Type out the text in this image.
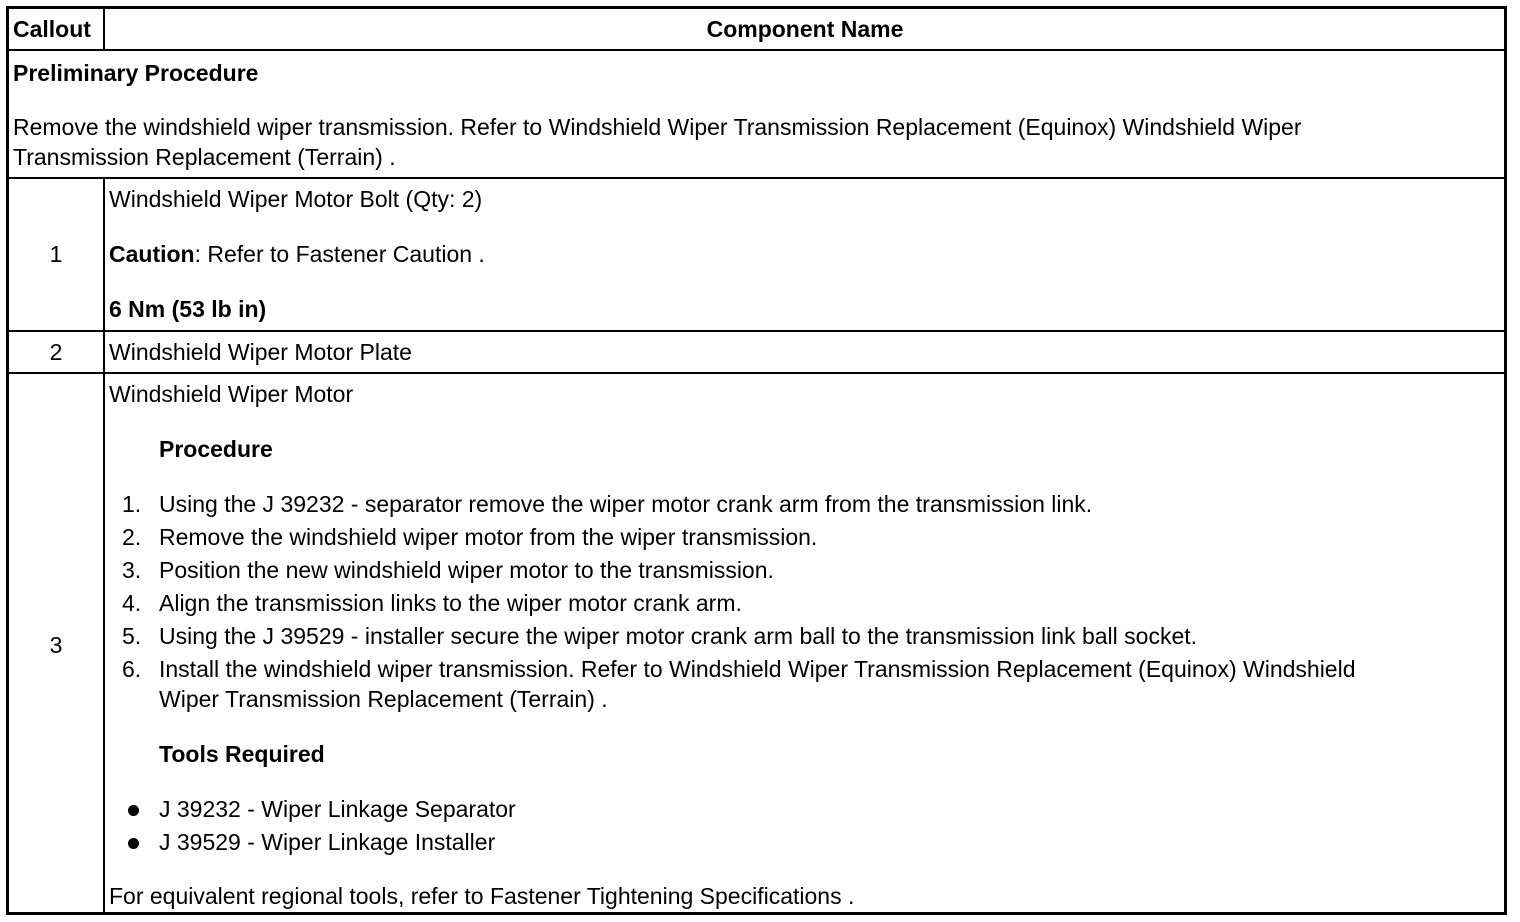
Callout	Component Name
Preliminary Procedure
Remove the windshield wiper transmission. Refer to Windshield Wiper Transmission Replacement (Equinox) Windshield Wiper
Transmission Replacement (Terrain) .
1
Windshield Wiper Motor Bolt (Qty: 2)
Caution: Refer to Fastener Caution .
6 Nm (53 lb in)
2	Windshield Wiper Motor Plate
3
Windshield Wiper Motor
Procedure
1. Using the J 39232 - separator remove the wiper motor crank arm from the transmission link.
2. Remove the windshield wiper motor from the wiper transmission.
3. Position the new windshield wiper motor to the transmission.
4. Align the transmission links to the wiper motor crank arm.
5. Using the J 39529 - installer secure the wiper motor crank arm ball to the transmission link ball socket.
6. Install the windshield wiper transmission. Refer to Windshield Wiper Transmission Replacement (Equinox) Windshield
Wiper Transmission Replacement (Terrain) .
Tools Required
J 39232 - Wiper Linkage Separator
J 39529 - Wiper Linkage Installer
For equivalent regional tools, refer to Fastener Tightening Specifications .
